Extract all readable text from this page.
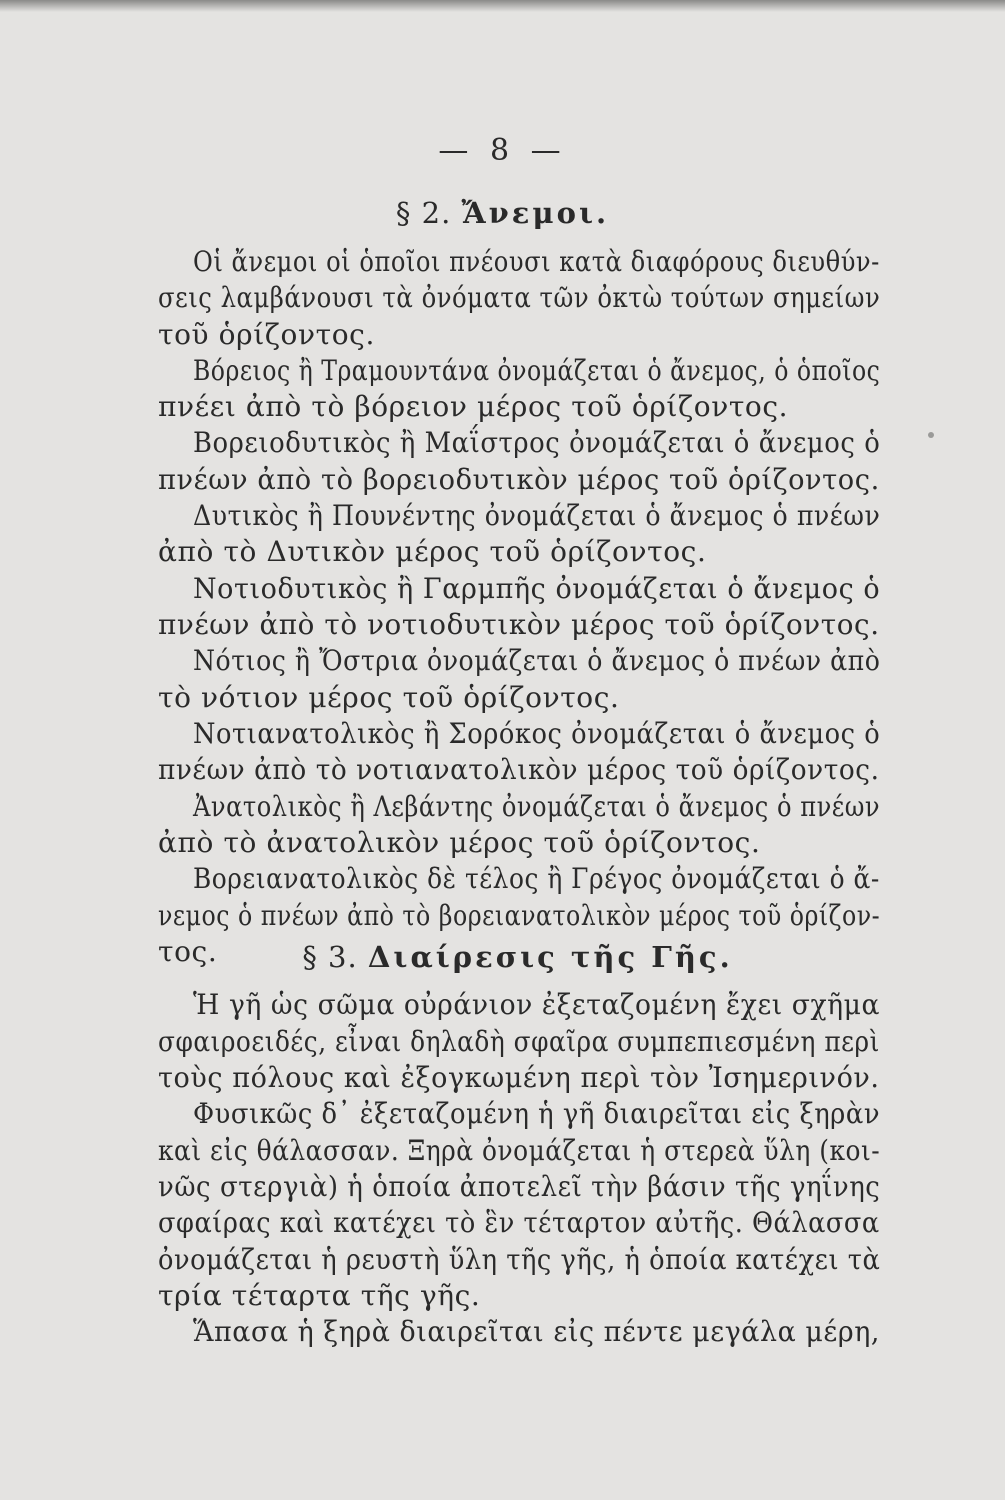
— 8 —
§ 2. Ἄνεμοι.
Οἱ ἄνεμοι οἱ ὁποῖοι πνέουσι κατὰ διαφόρους διευθύν-
σεις λαμβάνουσι τὰ ὀνόματα τῶν ὀκτὼ τούτων σημείων
τοῦ ὁρίζοντος.
Βόρειος ἢ Τραμουντάνα ὀνομάζεται ὁ ἄνεμος, ὁ ὁποῖος
πνέει ἀπὸ τὸ βόρειον μέρος τοῦ ὁρίζοντος.
Βορειοδυτικὸς ἢ Μαΐστρος ὀνομάζεται ὁ ἄνεμος ὁ
πνέων ἀπὸ τὸ βορειοδυτικὸν μέρος τοῦ ὁρίζοντος.
Δυτικὸς ἢ Πουνέντης ὀνομάζεται ὁ ἄνεμος ὁ πνέων
ἀπὸ τὸ Δυτικὸν μέρος τοῦ ὁρίζοντος.
Νοτιοδυτικὸς ἢ Γαρμπῆς ὀνομάζεται ὁ ἄνεμος ὁ
πνέων ἀπὸ τὸ νοτιοδυτικὸν μέρος τοῦ ὁρίζοντος.
Νότιος ἢ Ὄστρια ὀνομάζεται ὁ ἄνεμος ὁ πνέων ἀπὸ
τὸ νότιον μέρος τοῦ ὁρίζοντος.
Νοτιανατολικὸς ἢ Σορόκος ὀνομάζεται ὁ ἄνεμος ὁ
πνέων ἀπὸ τὸ νοτιανατολικὸν μέρος τοῦ ὁρίζοντος.
Ἀνατολικὸς ἢ Λεβάντης ὀνομάζεται ὁ ἄνεμος ὁ πνέων
ἀπὸ τὸ ἀνατολικὸν μέρος τοῦ ὁρίζοντος.
Βορειανατολικὸς δὲ τέλος ἢ Γρέγος ὀνομάζεται ὁ ἄ-
νεμος ὁ πνέων ἀπὸ τὸ βορειανατολικὸν μέρος τοῦ ὁρίζον-
τος.	§ 3. Διαίρεσις τῆς Γῆς.
Ἡ γῆ ὡς σῶμα οὐράνιον ἐξεταζομένη ἔχει σχῆμα
σφαιροειδές, εἶναι δηλαδὴ σφαῖρα συμπεπιεσμένη περὶ
τοὺς πόλους καὶ ἐξογκωμένη περὶ τὸν Ἰσημερινόν.
Φυσικῶς δ᾽ ἐξεταζομένη ἡ γῆ διαιρεῖται εἰς ξηρὰν
καὶ εἰς θάλασσαν. Ξηρὰ ὀνομάζεται ἡ στερεὰ ὕλη (κοι-
νῶς στεργιὰ) ἡ ὁποία ἀποτελεῖ τὴν βάσιν τῆς γηΐνης
σφαίρας καὶ κατέχει τὸ ἓν τέταρτον αὐτῆς. Θάλασσα
ὀνομάζεται ἡ ρευστὴ ὕλη τῆς γῆς, ἡ ὁποία κατέχει τὰ
τρία τέταρτα τῆς γῆς.
Ἅπασα ἡ ξηρὰ διαιρεῖται εἰς πέντε μεγάλα μέρη,
